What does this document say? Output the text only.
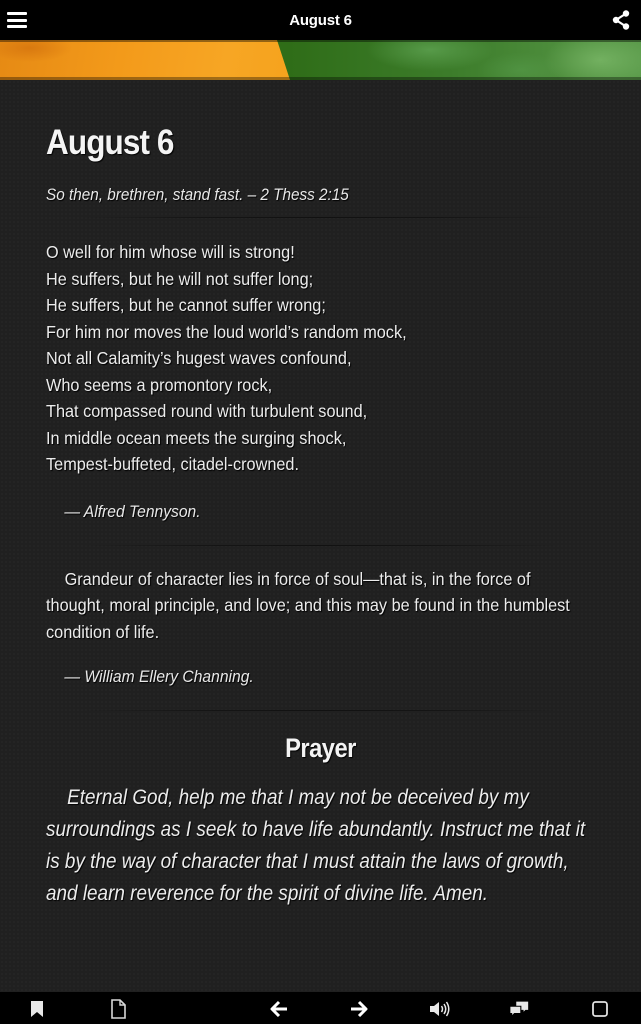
August 6
August 6
So then, brethren, stand fast. – 2 Thess 2:15
O well for him whose will is strong!
He suffers, but he will not suffer long;
He suffers, but he cannot suffer wrong;
For him nor moves the loud world’s random mock,
Not all Calamity’s hugest waves confound,
Who seems a promontory rock,
That compassed round with turbulent sound,
In middle ocean meets the surging shock,
Tempest-buffeted, citadel-crowned.
— Alfred Tennyson.

Grandeur of character lies in force of soul—that is, in the force of thought, moral principle, and love; and this may be found in the humblest condition of life.

— William Ellery Channing.
Prayer

Eternal God, help me that I may not be deceived by my surroundings as I seek to have life abundantly. Instruct me that it is by the way of character that I must attain the laws of growth, and learn reverence for the spirit of divine life. Amen.
